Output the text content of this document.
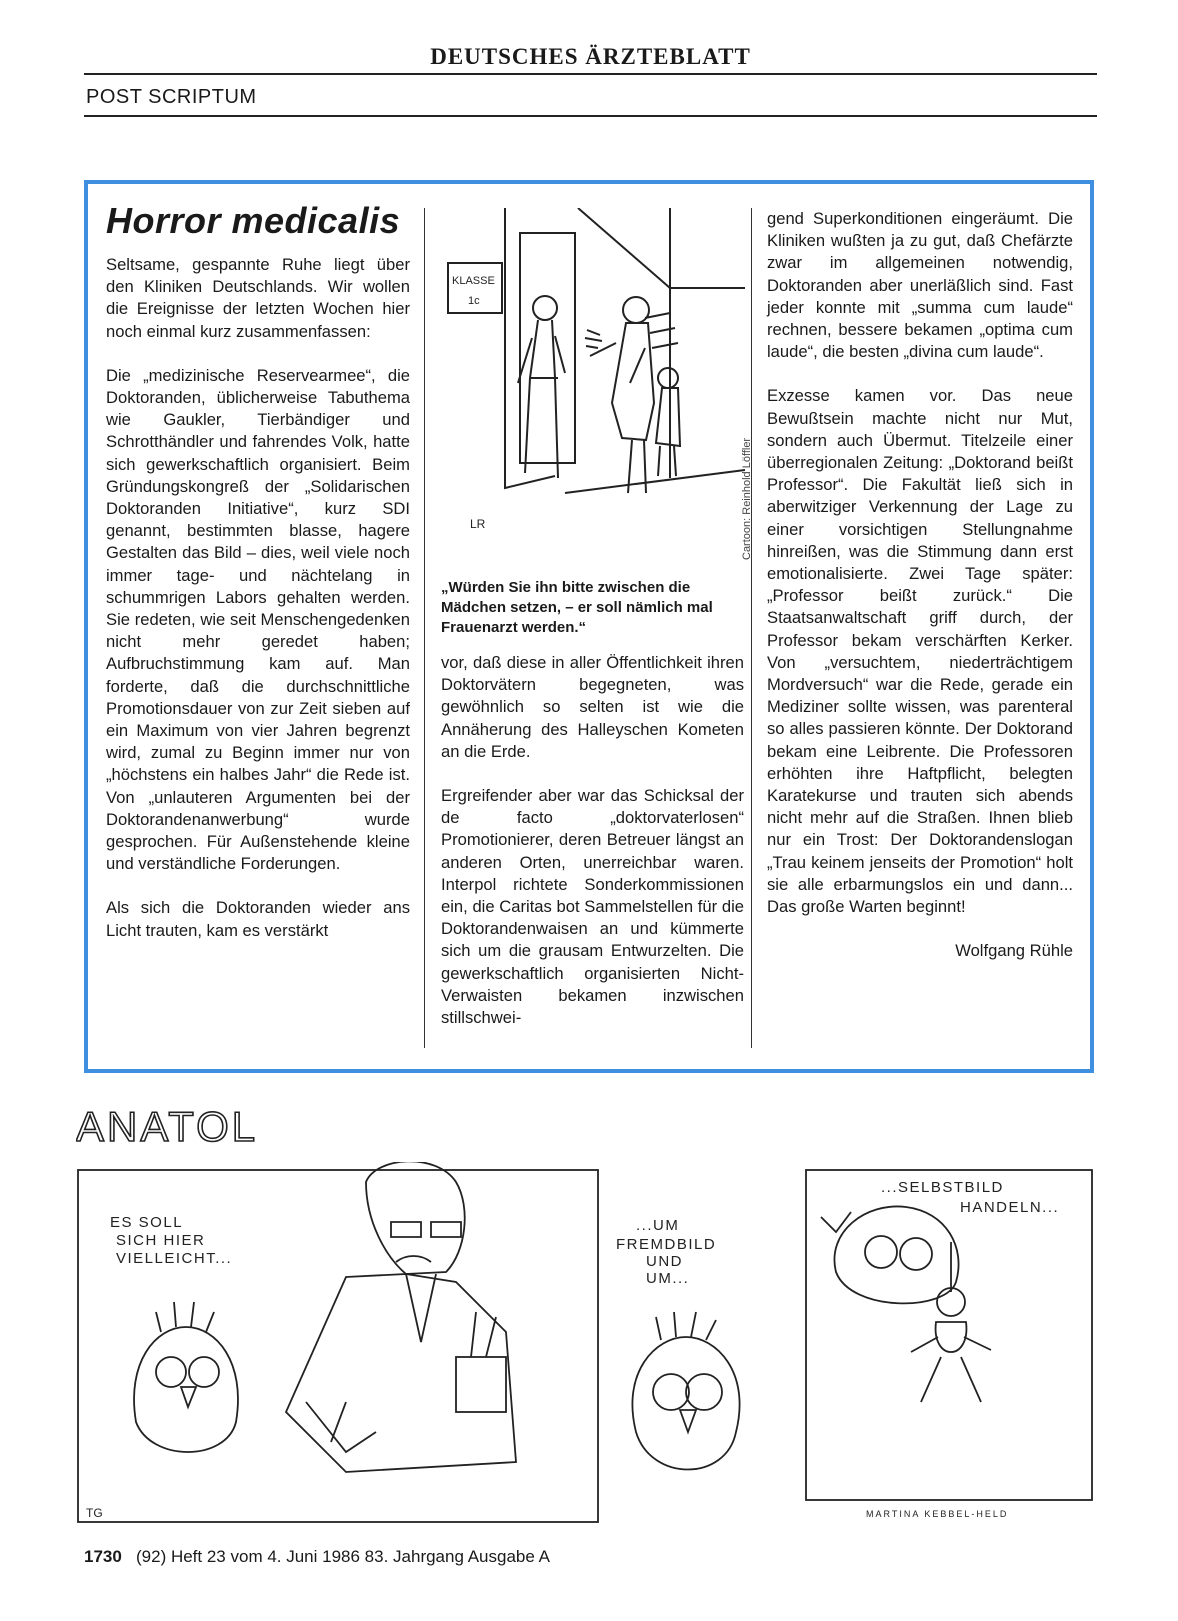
DEUTSCHES ÄRZTEBLATT
POST SCRIPTUM
Horror medicalis

Seltsame, gespannte Ruhe liegt über den Kliniken Deutschlands. Wir wollen die Ereignisse der letzten Wochen hier noch einmal kurz zusammenfassen:

Die „medizinische Reservearmee“, die Doktoranden, üblicherweise Tabuthema wie Gaukler, Tierbändiger und Schrotthändler und fahrendes Volk, hatte sich gewerkschaftlich organisiert. Beim Gründungskongreß der „Solidarischen Doktoranden Initiative“, kurz SDI genannt, bestimmten blasse, hagere Gestalten das Bild – dies, weil viele noch immer tage- und nächtelang in schummrigen Labors gehalten werden. Sie redeten, wie seit Menschengedenken nicht mehr geredet haben; Aufbruchstimmung kam auf. Man forderte, daß die durchschnittliche Promotionsdauer von zur Zeit sieben auf ein Maximum von vier Jahren begrenzt wird, zumal zu Beginn immer nur von „höchstens ein halbes Jahr“ die Rede ist. Von „unlauteren Argumenten bei der Doktorandenanwerbung“ wurde gesprochen. Für Außenstehende kleine und verständliche Forderungen.

Als sich die Doktoranden wieder ans Licht trauten, kam es verstärkt

KLASSE
1c
LR	Cartoon: Reinhold Löffler
„Würden Sie ihn bitte zwischen die Mädchen setzen, – er soll nämlich mal Frauenarzt werden.“

vor, daß diese in aller Öffentlichkeit ihren Doktorvätern begegneten, was gewöhnlich so selten ist wie die Annäherung des Halleyschen Kometen an die Erde.

Ergreifender aber war das Schicksal der de facto „doktorvaterlosen“ Promotionierer, deren Betreuer längst an anderen Orten, unerreichbar waren. Interpol richtete Sonderkommissionen ein, die Caritas bot Sammelstellen für die Doktorandenwaisen an und kümmerte sich um die grausam Entwurzelten. Die gewerkschaftlich organisierten Nicht-Verwaisten bekamen inzwischen stillschwei-

gend Superkonditionen eingeräumt. Die Kliniken wußten ja zu gut, daß Chefärzte zwar im allgemeinen notwendig, Doktoranden aber unerläßlich sind. Fast jeder konnte mit „summa cum laude“ rechnen, bessere bekamen „optima cum laude“, die besten „divina cum laude“.

Exzesse kamen vor. Das neue Bewußtsein machte nicht nur Mut, sondern auch Übermut. Titelzeile einer überregionalen Zeitung: „Doktorand beißt Professor“. Die Fakultät ließ sich in aberwitziger Verkennung der Lage zu einer vorsichtigen Stellungnahme hinreißen, was die Stimmung dann erst emotionalisierte. Zwei Tage später: „Professor beißt zurück.“ Die Staatsanwaltschaft griff durch, der Professor bekam verschärften Kerker. Von „versuchtem, niederträchtigem Mordversuch“ war die Rede, gerade ein Mediziner sollte wissen, was parenteral so alles passieren könnte. Der Doktorand bekam eine Leibrente. Die Professoren erhöhten ihre Haftpflicht, belegten Karatekurse und trauten sich abends nicht mehr auf die Straßen. Ihnen blieb nur ein Trost: Der Doktorandenslogan „Trau keinem jenseits der Promotion“ holt sie alle erbarmungslos ein und dann... Das große Warten beginnt!

Wolfgang Rühle
ANATOL
ES SOLL
SICH HIER
VIELLEICHT...
...UM
FREMDBILD
UND
UM...
...SELBSTBILD
HANDELN...
TG	MARTINA KEBBEL-HELD
1730 (92) Heft 23 vom 4. Juni 1986 83. Jahrgang Ausgabe A
